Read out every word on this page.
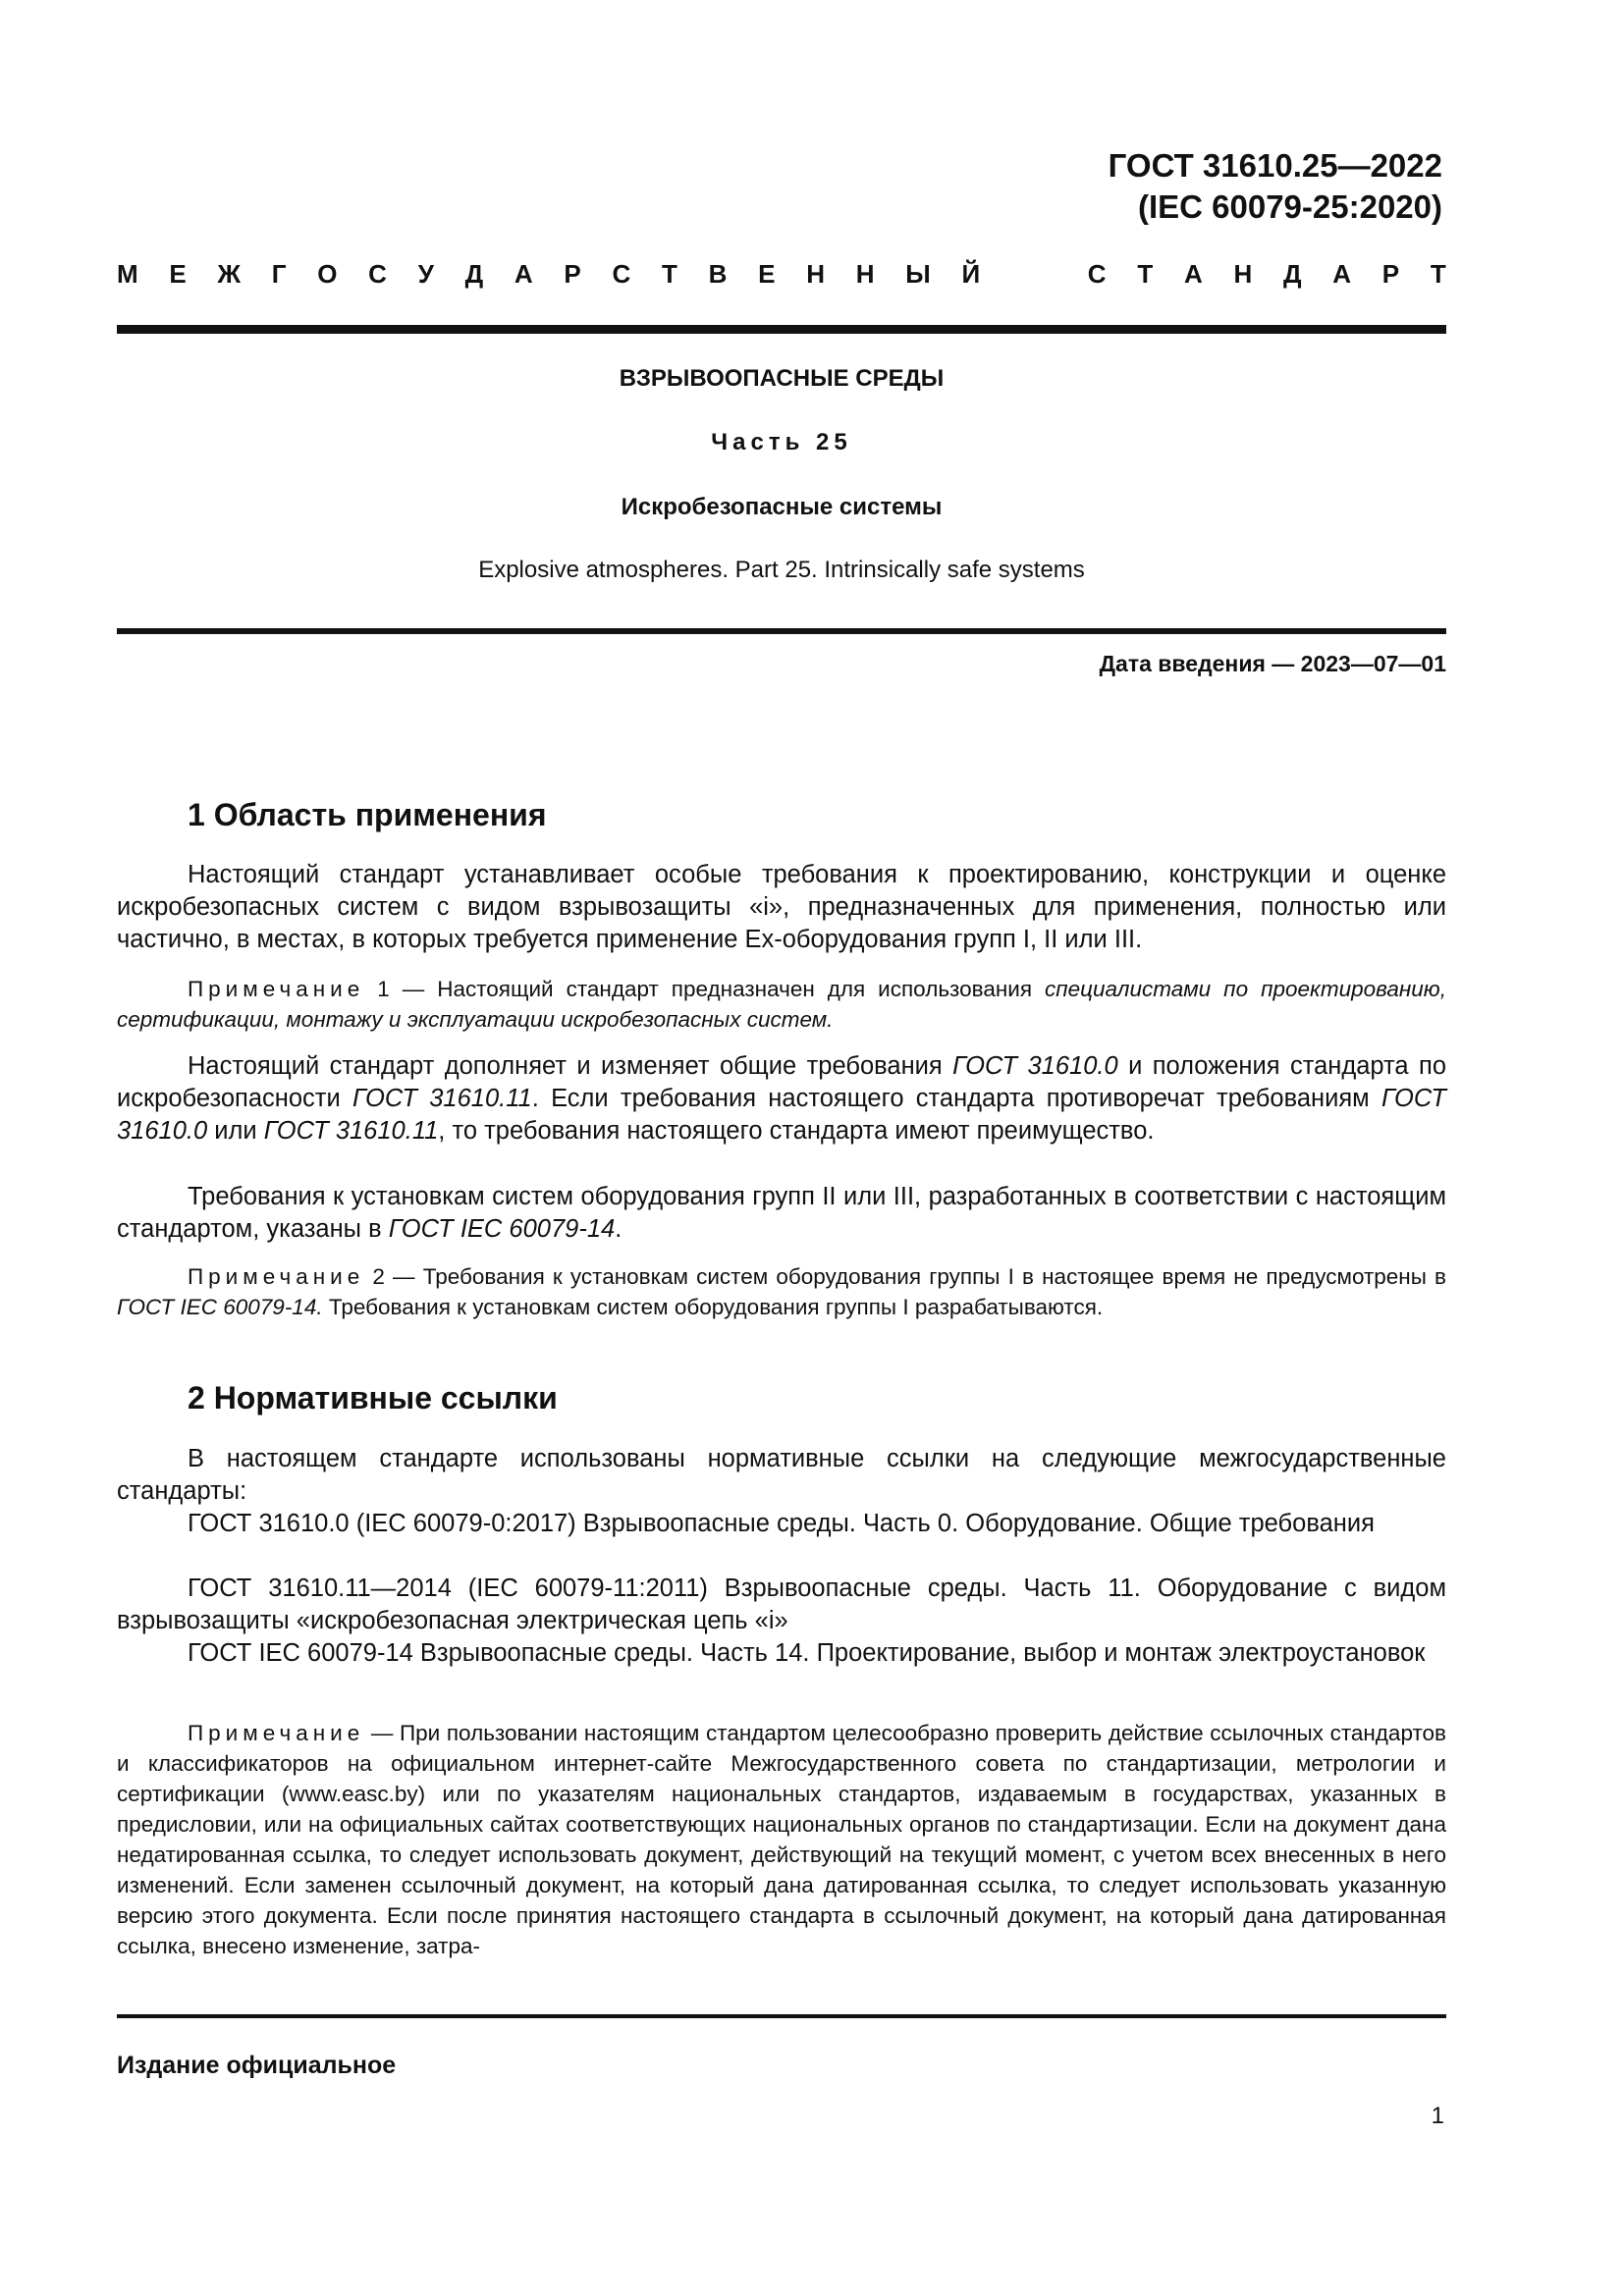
ГОСТ 31610.25—2022
(IEC 60079-25:2020)
М Е Ж Г О С У Д А Р С Т В Е Н Н Ы Й

	С Т А Н Д А Р Т
ВЗРЫВООПАСНЫЕ СРЕДЫ
Часть 25
Искробезопасные системы
Explosive atmospheres. Part 25. Intrinsically safe systems
Дата введения — 2023—07—01
1 Область применения

Настоящий стандарт устанавливает особые требования к проектированию, конструкции и оценке искробезопасных систем с видом взрывозащиты «i», предназначенных для применения, полностью или частично, в местах, в которых требуется применение Ex-оборудования групп I, II или III.

Примечание 1 — Настоящий стандарт предназначен для использования специалистами по проектированию, сертификации, монтажу и эксплуатации искробезопасных систем.

Настоящий стандарт дополняет и изменяет общие требования ГОСТ 31610.0 и положения стандарта по искробезопасности ГОСТ 31610.11. Если требования настоящего стандарта противоречат требованиям ГОСТ 31610.0 или ГОСТ 31610.11, то требования настоящего стандарта имеют преимущество.

Требования к установкам систем оборудования групп II или III, разработанных в соответствии с настоящим стандартом, указаны в ГОСТ IEC 60079-14.

Примечание 2 — Требования к установкам систем оборудования группы I в настоящее время не предусмотрены в ГОСТ IEC 60079-14. Требования к установкам систем оборудования группы I разрабатываются.

2 Нормативные ссылки

В настоящем стандарте использованы нормативные ссылки на следующие межгосударственные стандарты:

ГОСТ 31610.0 (IEC 60079-0:2017) Взрывоопасные среды. Часть 0. Оборудование. Общие требования

ГОСТ 31610.11—2014 (IEC 60079-11:2011) Взрывоопасные среды. Часть 11. Оборудование с видом взрывозащиты «искробезопасная электрическая цепь «i»

ГОСТ IEC 60079-14 Взрывоопасные среды. Часть 14. Проектирование, выбор и монтаж электроустановок

Примечание — При пользовании настоящим стандартом целесообразно проверить действие ссылочных стандартов и классификаторов на официальном интернет-сайте Межгосударственного совета по стандартизации, метрологии и сертификации (www.easc.by) или по указателям национальных стандартов, издаваемым в государствах, указанных в предисловии, или на официальных сайтах соответствующих национальных органов по стандартизации. Если на документ дана недатированная ссылка, то следует использовать документ, действующий на текущий момент, с учетом всех внесенных в него изменений. Если заменен ссылочный документ, на который дана датированная ссылка, то следует использовать указанную версию этого документа. Если после принятия настоящего стандарта в ссылочный документ, на который дана датированная ссылка, внесено изменение, затра-

Издание официальное
1
